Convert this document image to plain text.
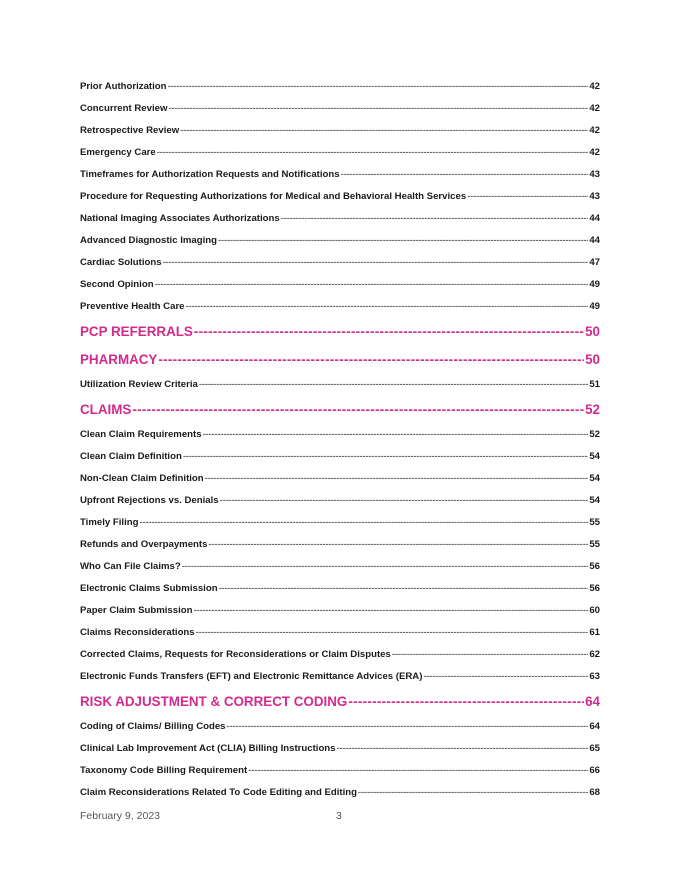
Prior Authorization -----	42
Concurrent Review -----	42
Retrospective Review -----	42
Emergency Care -----	42
Timeframes for Authorization Requests and Notifications -----	43
Procedure for Requesting Authorizations for Medical and Behavioral Health Services -----	43
National Imaging Associates Authorizations -----	44
Advanced Diagnostic Imaging -----	44
Cardiac Solutions -----	47
Second Opinion -----	49
Preventive Health Care -----	49
PCP REFERRALS -----	50
PHARMACY -----	50
Utilization Review Criteria -----	51
CLAIMS -----	52
Clean Claim Requirements -----	52
Clean Claim Definition -----	54
Non-Clean Claim Definition -----	54
Upfront Rejections vs. Denials -----	54
Timely Filing -----	55
Refunds and Overpayments -----	55
Who Can File Claims? -----	56
Electronic Claims Submission -----	56
Paper Claim Submission -----	60
Claims Reconsiderations -----	61
Corrected Claims, Requests for Reconsiderations or Claim Disputes -----	62
Electronic Funds Transfers (EFT) and Electronic Remittance Advices (ERA) -----	63
RISK ADJUSTMENT & CORRECT CODING -----	64
Coding of Claims/ Billing Codes -----	64
Clinical Lab Improvement Act (CLIA) Billing Instructions -----	65
Taxonomy Code Billing Requirement -----	66
Claim Reconsiderations Related To Code Editing and Editing -----	68
February 9, 2023	3
